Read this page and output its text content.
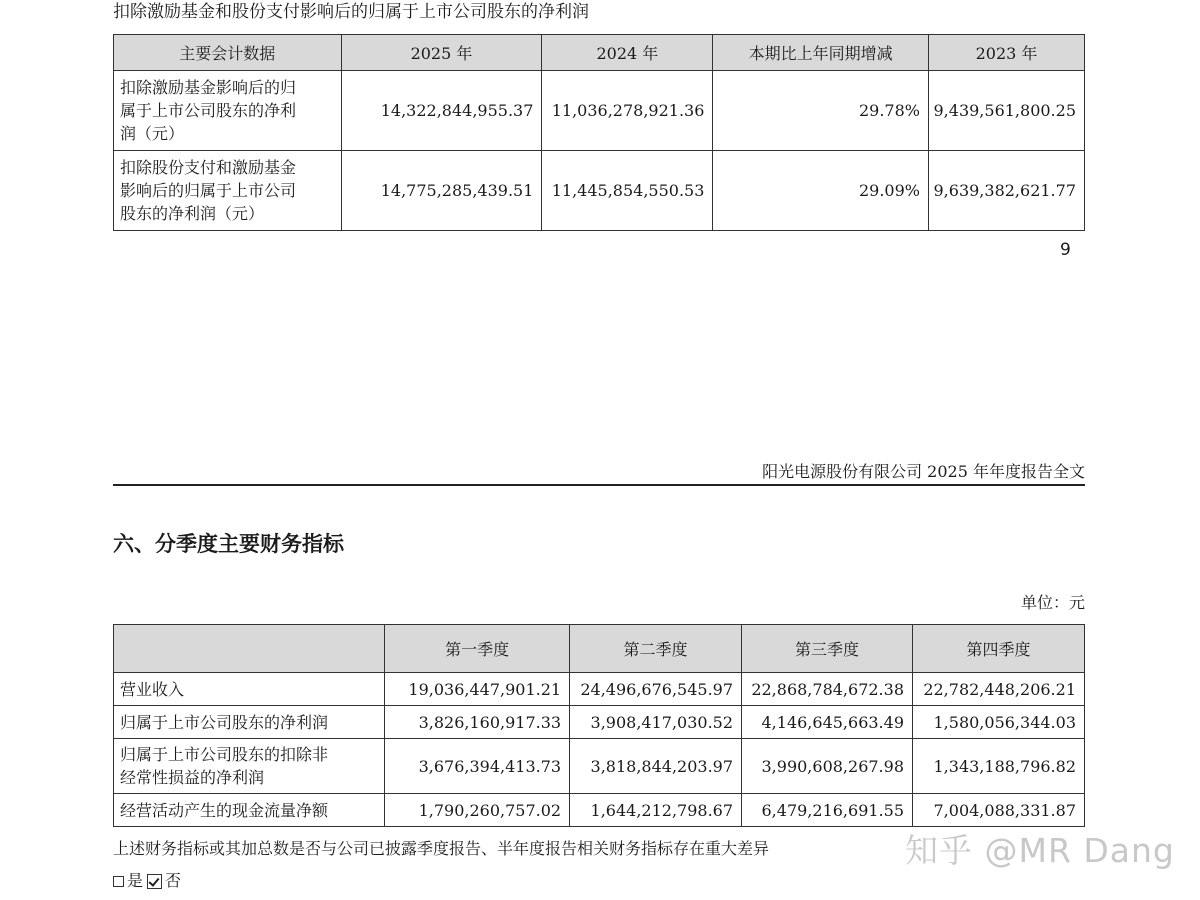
扣除激励基金和股份支付影响后的归属于上市公司股东的净利润
主要会计数据	2025 年	2024 年	本期比上年同期增减	2023 年

扣除激励基金影响后的归
属于上市公司股东的净利
润（元）	14,322,844,955.37	11,036,278,921.36	29.78%	9,439,561,800.25

扣除股份支付和激励基金
影响后的归属于上市公司
股东的净利润（元）	14,775,285,439.51	11,445,854,550.53	29.09%	9,639,382,621.77
9
阳光电源股份有限公司 2025 年年度报告全文
六、分季度主要财务指标
单位：元
	第一季度	第二季度	第三季度	第四季度

营业收入	19,036,447,901.21	24,496,676,545.97	22,868,784,672.38	22,782,448,206.21

归属于上市公司股东的净利润	3,826,160,917.33	3,908,417,030.52	4,146,645,663.49	1,580,056,344.03

归属于上市公司股东的扣除非
经常性损益的净利润	3,676,394,413.73	3,818,844,203.97	3,990,608,267.98	1,343,188,796.82

经营活动产生的现金流量净额	1,790,260,757.02	1,644,212,798.67	6,479,216,691.55	7,004,088,331.87
上述财务指标或其加总数是否与公司已披露季度报告、半年度报告相关财务指标存在重大差异
是 否
知乎 @MR Dang
